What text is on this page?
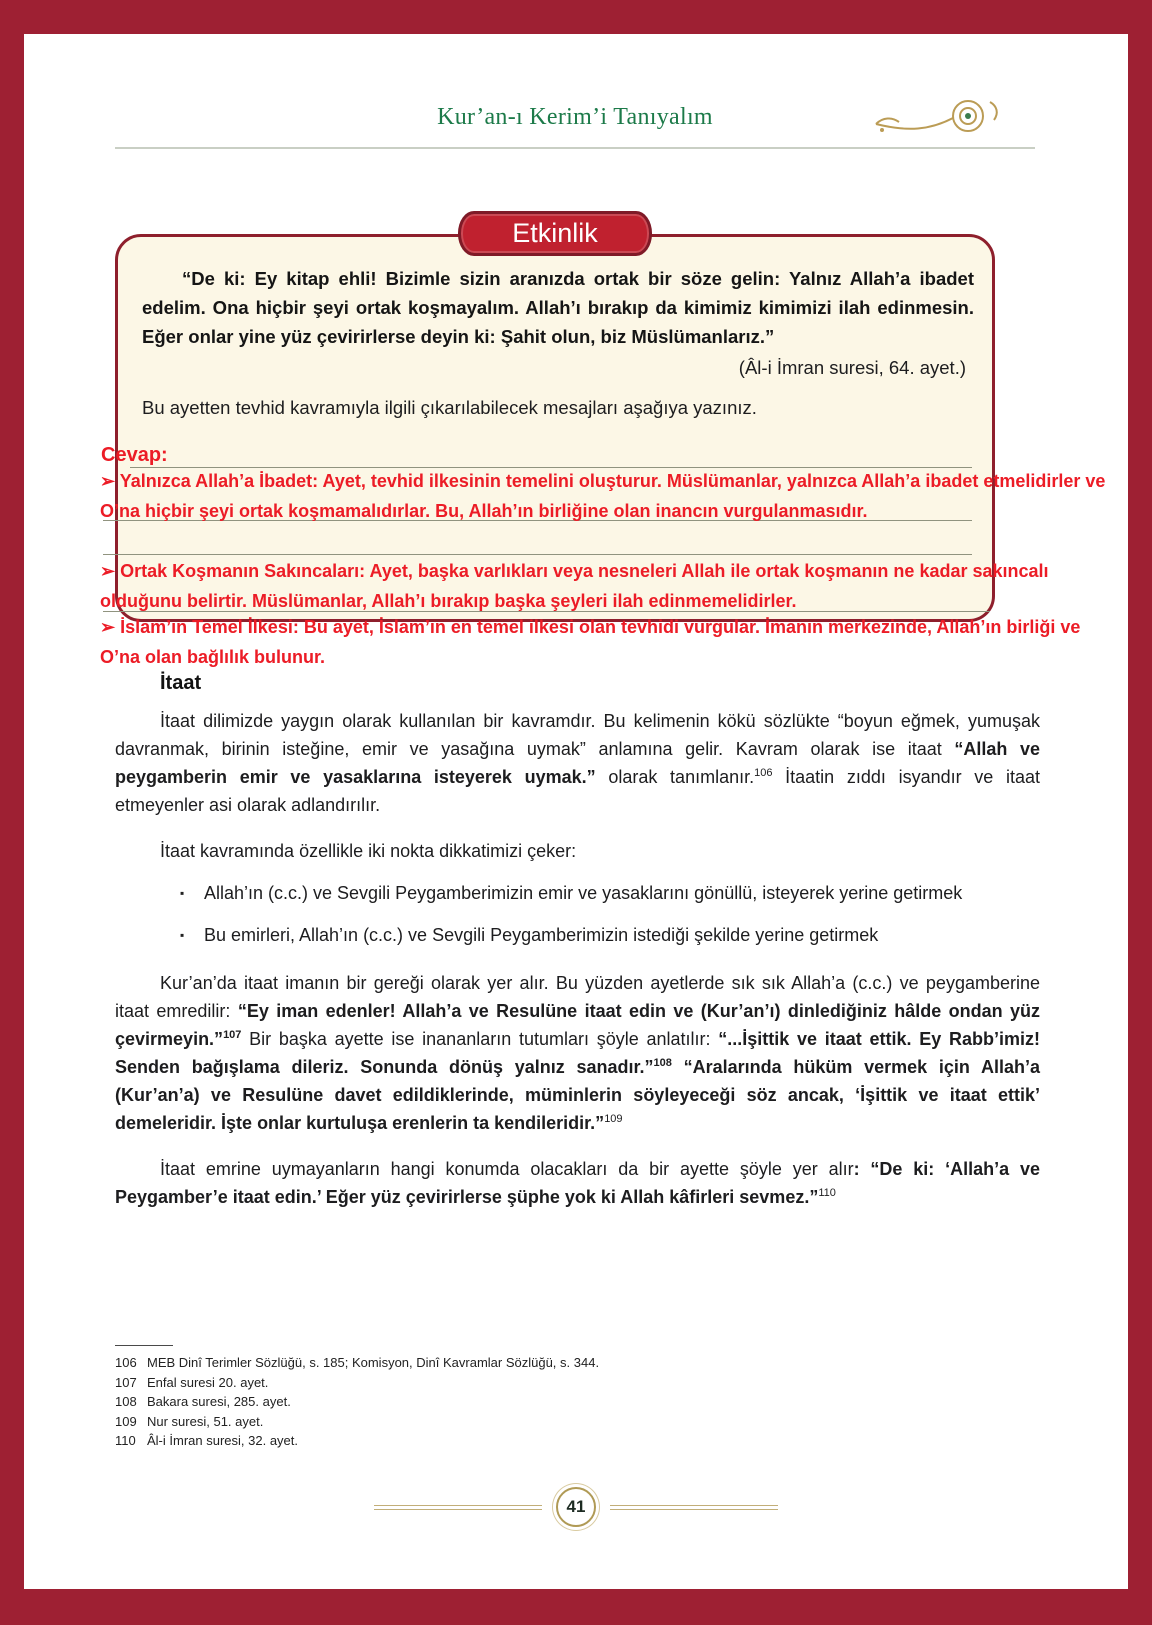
Kur’an-ı Kerim’i Tanıyalım
Etkinlik
“De ki: Ey kitap ehli! Bizimle sizin aranızda ortak bir söze gelin: Yalnız Allah’a ibadet edelim. Ona hiçbir şeyi ortak koşmayalım. Allah’ı bırakıp da kimimiz kimimizi ilah edinmesin. Eğer onlar yine yüz çevirirlerse deyin ki: Şahit olun, biz Müslümanlarız.”
(Âl-i İmran suresi, 64. ayet.)
Bu ayetten tevhid kavramıyla ilgili çıkarılabilecek mesajları aşağıya yazınız.
Cevap:
➢ Yalnızca Allah’a İbadet: Ayet, tevhid ilkesinin temelini oluşturur. Müslümanlar, yalnızca Allah’a ibadet etmelidirler ve O’na hiçbir şeyi ortak koşmamalıdırlar. Bu, Allah’ın birliğine olan inancın vurgulanmasıdır.
➢ Ortak Koşmanın Sakıncaları: Ayet, başka varlıkları veya nesneleri Allah ile ortak koşmanın ne kadar sakıncalı olduğunu belirtir. Müslümanlar, Allah’ı bırakıp başka şeyleri ilah edinmemelidirler.
➢ İslam’ın Temel İlkesi: Bu ayet, İslam’ın en temel ilkesi olan tevhidi vurgular. İmanın merkezinde, Allah’ın birliği ve O’na olan bağlılık bulunur.
İtaat

İtaat dilimizde yaygın olarak kullanılan bir kavramdır. Bu kelimenin kökü sözlükte “boyun eğmek, yumuşak davranmak, birinin isteğine, emir ve yasağına uymak” anlamına gelir. Kavram olarak ise itaat “Allah ve peygamberin emir ve yasaklarına isteyerek uymak.” olarak tanımlanır.$^{106}$ İtaatin zıddı isyandır ve itaat etmeyenler asi olarak adlandırılır.

İtaat kavramında özellikle iki nokta dikkatimizi çeker:

▪	Allah’ın (c.c.) ve Sevgili Peygamberimizin emir ve yasaklarını gönüllü, isteyerek yerine getirmek
▪	Bu emirleri, Allah’ın (c.c.) ve Sevgili Peygamberimizin istediği şekilde yerine getirmek

Kur’an’da itaat imanın bir gereği olarak yer alır. Bu yüzden ayetlerde sık sık Allah’a (c.c.) ve peygamberine itaat emredilir: “Ey iman edenler! Allah’a ve Resulüne itaat edin ve (Kur’an’ı) dinlediğiniz hâlde ondan yüz çevirmeyin.”$^{107}$ Bir başka ayette ise inananların tutumları şöyle anlatılır: “...İşittik ve itaat ettik. Ey Rabb’imiz! Senden bağışlama dileriz. Sonunda dönüş yalnız sanadır.”$^{108}$ “Aralarında hüküm vermek için Allah’a (Kur’an’a) ve Resulüne davet edildiklerinde, müminlerin söyleyeceği söz ancak, ‘İşittik ve itaat ettik’ demeleridir. İşte onlar kurtuluşa erenlerin ta kendileridir.”$^{109}$

İtaat emrine uymayanların hangi konumda olacakları da bir ayette şöyle yer alır: “De ki: ‘Allah’a ve Peygamber’e itaat edin.’ Eğer yüz çevirirlerse şüphe yok ki Allah kâfirleri sevmez.”$^{110}$

106 MEB Dinî Terimler Sözlüğü, s. 185; Komisyon, Dinî Kavramlar Sözlüğü, s. 344.
107 Enfal suresi 20. ayet.
108 Bakara suresi, 285. ayet.
109 Nur suresi, 51. ayet.
110 Âl-i İmran suresi, 32. ayet.
41
